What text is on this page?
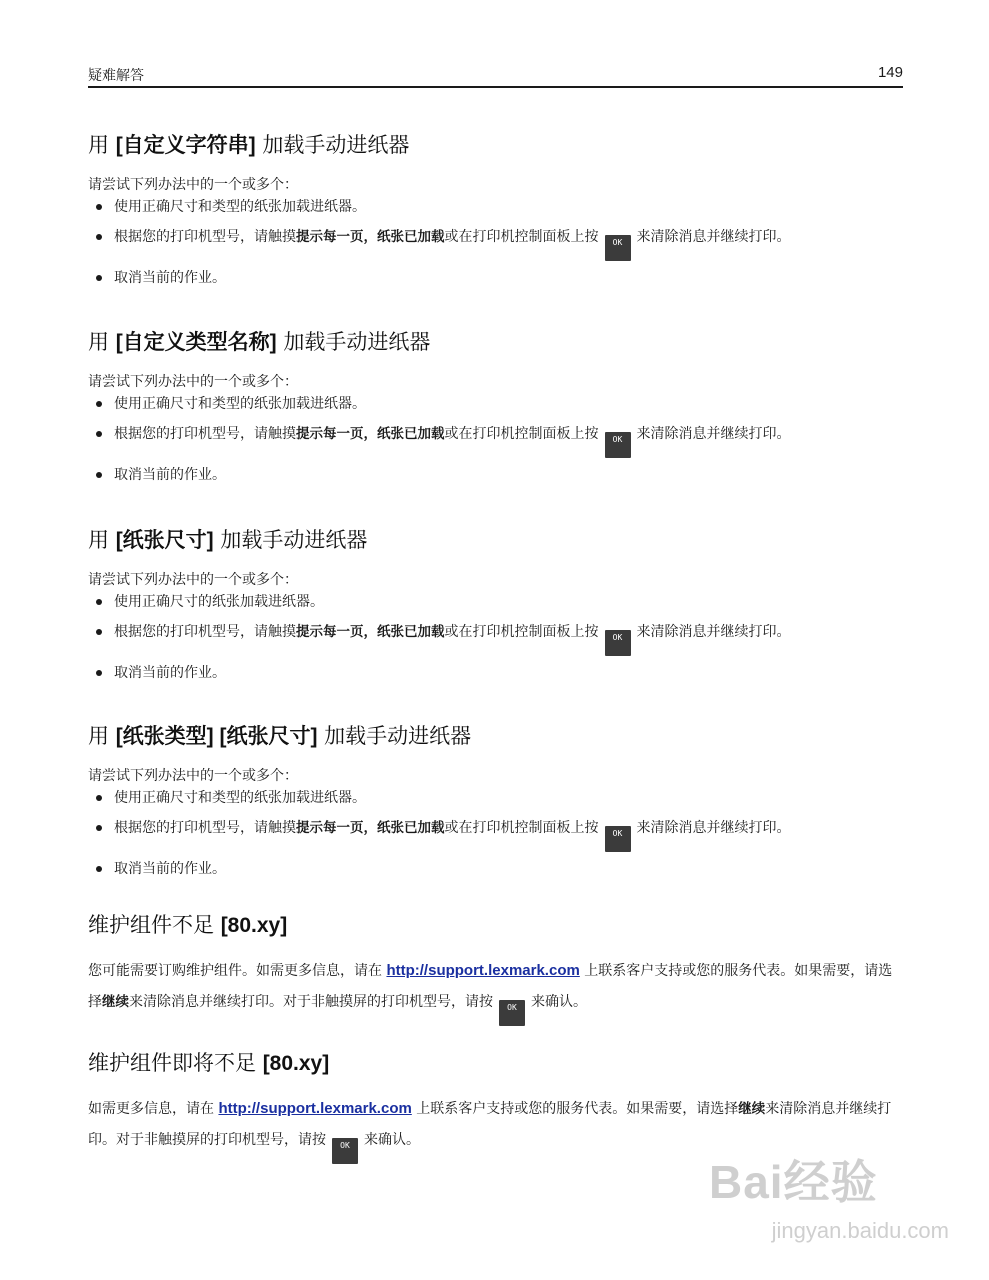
疑难解答	149
用 [自定义字符串] 加载手动进纸器

请尝试下列办法中的一个或多个：

使用正确尺寸和类型的纸张加载进纸器。
根据您的打印机型号，请触摸提示每一页，纸张已加载或在打印机控制面板上按 OK 来清除消息并继续打印。
取消当前的作业。
用 [自定义类型名称] 加载手动进纸器

请尝试下列办法中的一个或多个：

使用正确尺寸和类型的纸张加载进纸器。
根据您的打印机型号，请触摸提示每一页，纸张已加载或在打印机控制面板上按 OK 来清除消息并继续打印。
取消当前的作业。
用 [纸张尺寸] 加载手动进纸器

请尝试下列办法中的一个或多个：

使用正确尺寸的纸张加载进纸器。
根据您的打印机型号，请触摸提示每一页，纸张已加载或在打印机控制面板上按 OK 来清除消息并继续打印。
取消当前的作业。
用 [纸张类型] [纸张尺寸] 加载手动进纸器

请尝试下列办法中的一个或多个：

使用正确尺寸和类型的纸张加载进纸器。
根据您的打印机型号，请触摸提示每一页，纸张已加载或在打印机控制面板上按 OK 来清除消息并继续打印。
取消当前的作业。
维护组件不足 [80.xy]

您可能需要订购维护组件。如需更多信息，请在 http://support.lexmark.com 上联系客户支持或您的服务代表。如果需要，请选择继续来清除消息并继续打印。对于非触摸屏的打印机型号，请按 OK 来确认。

维护组件即将不足 [80.xy]

如需更多信息，请在 http://support.lexmark.com 上联系客户支持或您的服务代表。如果需要，请选择继续来清除消息并继续打印。对于非触摸屏的打印机型号，请按 OK 来确认。

Bai经验
jingyan.baidu.com
